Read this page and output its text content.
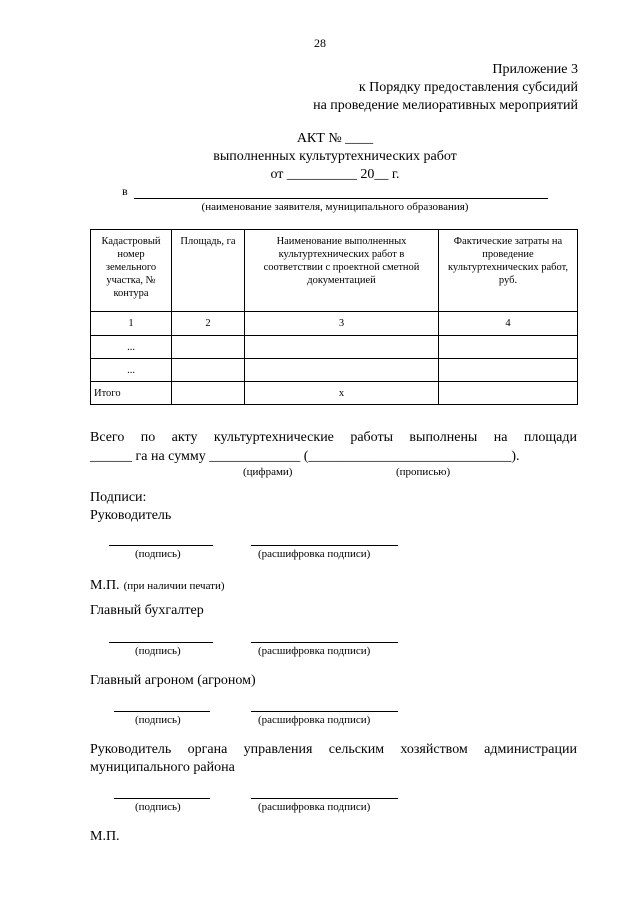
28
Приложение 3
к Порядку предоставления субсидий
на проведение мелиоративных мероприятий
АКТ № ____
выполненных культуртехнических работ
от __________ 20__ г.
в
(наименование заявителя, муниципального образования)
Кадастровый номер земельного участка, № контура	Площадь, га	Наименование выполненных культуртехнических работ в соответствии с проектной сметной документацией	Фактические затраты на проведение культуртехнических работ, руб.
1	2	3	4
...			
...			
Итого		x	
Всего по акту культуртехнические работы выполнены на площади
______ га на сумму _____________ (_____________________________).
(цифрами)	(прописью)
Подписи:
Руководитель
(подпись)	(расшифровка подписи)
М.П. (при наличии печати)
Главный бухгалтер
(подпись)	(расшифровка подписи)
Главный агроном (агроном)
(подпись)	(расшифровка подписи)
Руководитель органа управления сельским хозяйством администрации
муниципального района
(подпись)	(расшифровка подписи)
М.П.
